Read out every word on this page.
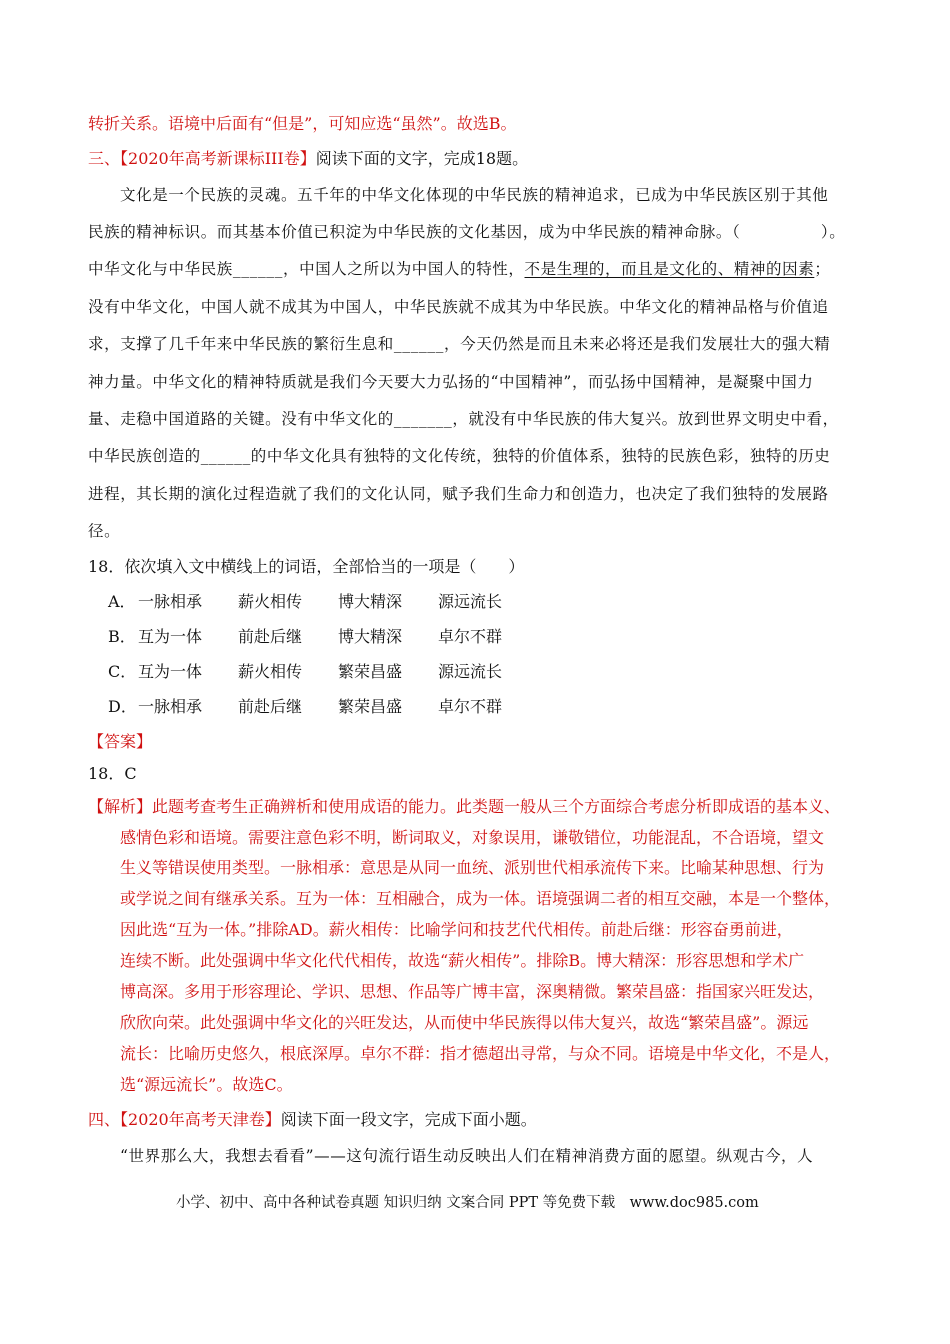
转折关系。语境中后面有“但是”，可知应选“虽然”。故选B。
三、【2020年高考新课标III卷】阅读下面的文字，完成18题。
文化是一个民族的灵魂。五千年的中华文化体现的中华民族的精神追求，已成为中华民族区别于其他
民族的精神标识。而其基本价值已积淀为中华民族的文化基因，成为中华民族的精神命脉。（　　　　　）。
中华文化与中华民族______，中国人之所以为中国人的特性，不是生理的，而且是文化的、精神的因素；
没有中华文化，中国人就不成其为中国人，中华民族就不成其为中华民族。中华文化的精神品格与价值追
求，支撑了几千年来中华民族的繁衍生息和______，今天仍然是而且未来必将还是我们发展壮大的强大精
神力量。中华文化的精神特质就是我们今天要大力弘扬的“中国精神”，而弘扬中国精神，是凝聚中国力
量、走稳中国道路的关键。没有中华文化的_______，就没有中华民族的伟大复兴。放到世界文明史中看，
中华民族创造的______的中华文化具有独特的文化传统，独特的价值体系，独特的民族色彩，独特的历史
进程，其长期的演化过程造就了我们的文化认同，赋予我们生命力和创造力，也决定了我们独特的发展路
径。
18．依次填入文中横线上的词语，全部恰当的一项是（　　）
A． 一脉相承 薪火相传 博大精深 源远流长
B． 互为一体 前赴后继 博大精深 卓尔不群
C． 互为一体 薪火相传 繁荣昌盛 源远流长
D．一脉相承 前赴后继 繁荣昌盛 卓尔不群
【答案】
18．C
【解析】此题考查考生正确辨析和使用成语的能力。此类题一般从三个方面综合考虑分析即成语的基本义、
感情色彩和语境。需要注意色彩不明，断词取义，对象误用，谦敬错位，功能混乱，不合语境，望文
生义等错误使用类型。一脉相承：意思是从同一血统、派别世代相承流传下来。比喻某种思想、行为
或学说之间有继承关系。互为一体：互相融合，成为一体。语境强调二者的相互交融，本是一个整体，
因此选“互为一体。”排除AD。薪火相传：比喻学问和技艺代代相传。前赴后继：形容奋勇前进，
连续不断。此处强调中华文化代代相传，故选“薪火相传”。排除B。博大精深：形容思想和学术广
博高深。多用于形容理论、学识、思想、作品等广博丰富，深奥精微。繁荣昌盛：指国家兴旺发达，
欣欣向荣。此处强调中华文化的兴旺发达，从而使中华民族得以伟大复兴，故选“繁荣昌盛”。源远
流长：比喻历史悠久，根底深厚。卓尔不群：指才德超出寻常，与众不同。语境是中华文化，不是人，
选“源远流长”。故选C。
四、【2020年高考天津卷】阅读下面一段文字，完成下面小题。
“世界那么大，我想去看看”——这句流行语生动反映出人们在精神消费方面的愿望。纵观古今，人
小学、初中、高中各种试卷真题 知识归纳 文案合同 PPT 等免费下载　www.doc985.com
